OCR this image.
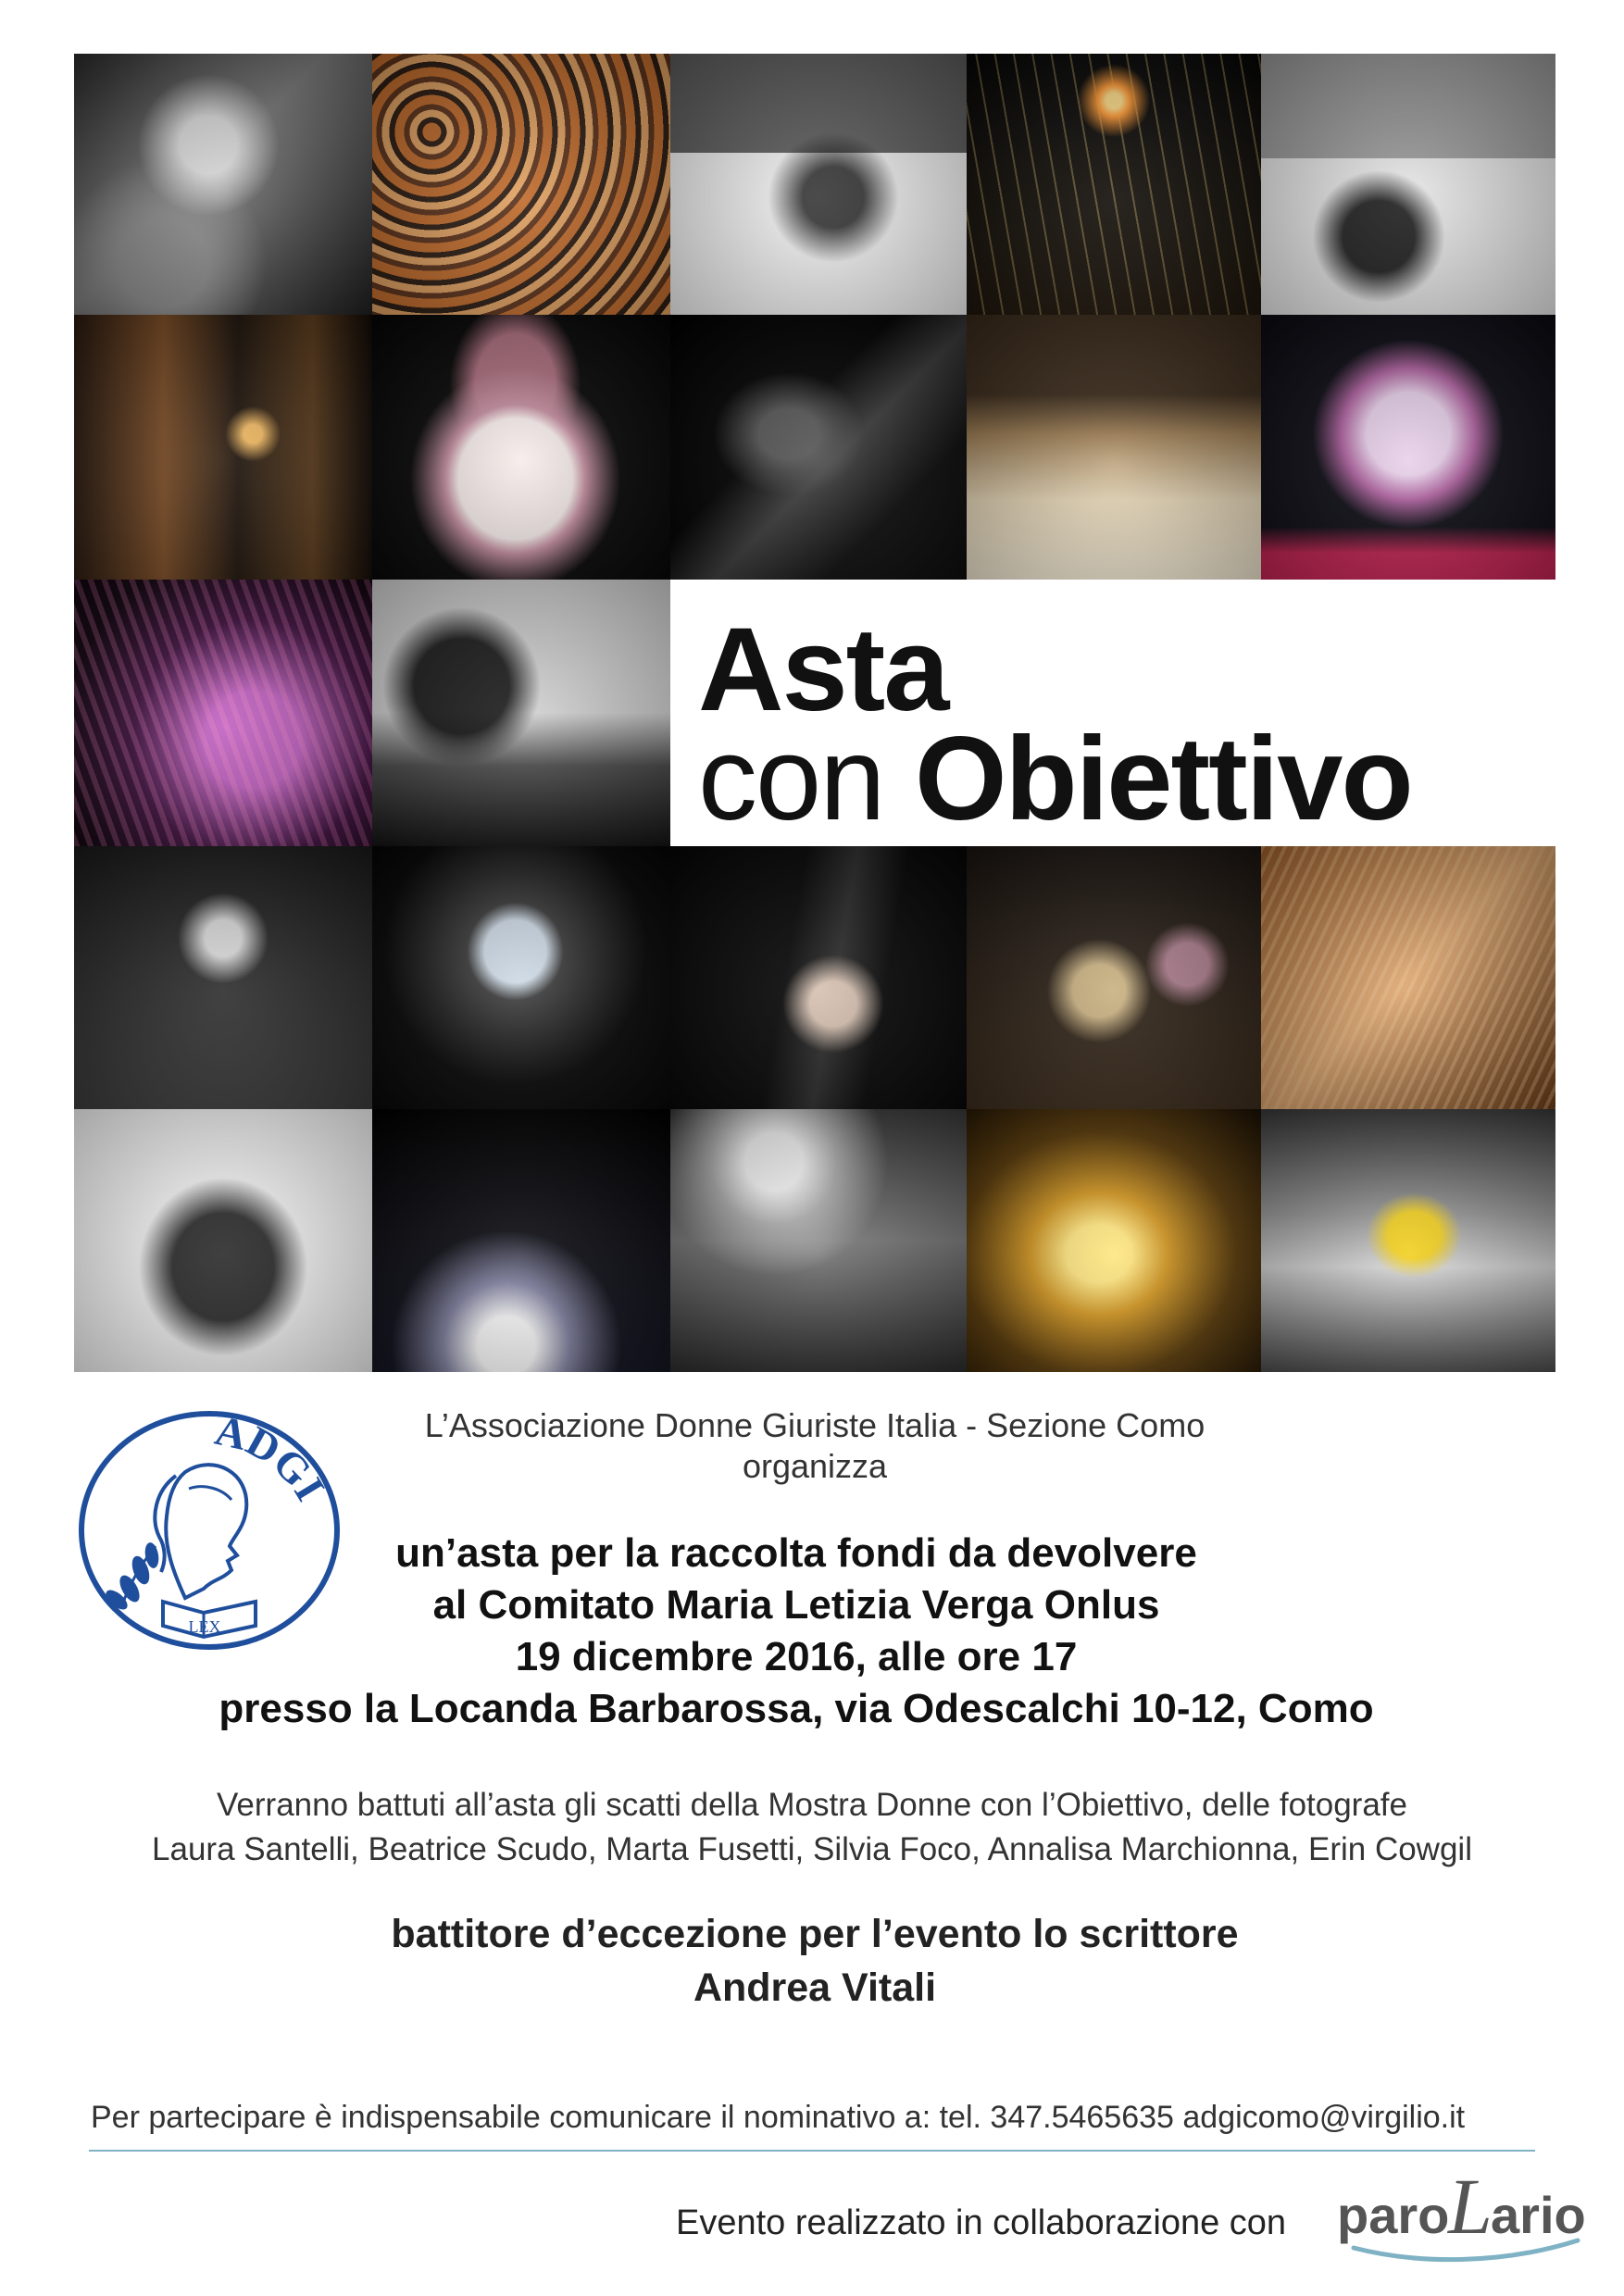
Asta
con Obiettivo
LEX
ADGI
L’Associazione Donne Giuriste Italia - Sezione Como
organizza
un’asta per la raccolta fondi da devolvere
al Comitato Maria Letizia Verga Onlus
19 dicembre 2016, alle ore 17
presso la Locanda Barbarossa, via Odescalchi 10-12, Como
Verranno battuti all’asta gli scatti della Mostra Donne con l’Obiettivo, delle fotografe
Laura Santelli, Beatrice Scudo, Marta Fusetti, Silvia Foco, Annalisa Marchionna, Erin Cowgil
battitore d’eccezione per l’evento lo scrittore
Andrea Vitali
Per partecipare è indispensabile comunicare il nominativo a: tel. 347.5465635 adgicomo@virgilio.it
Evento realizzato in collaborazione con paro
L
ario
